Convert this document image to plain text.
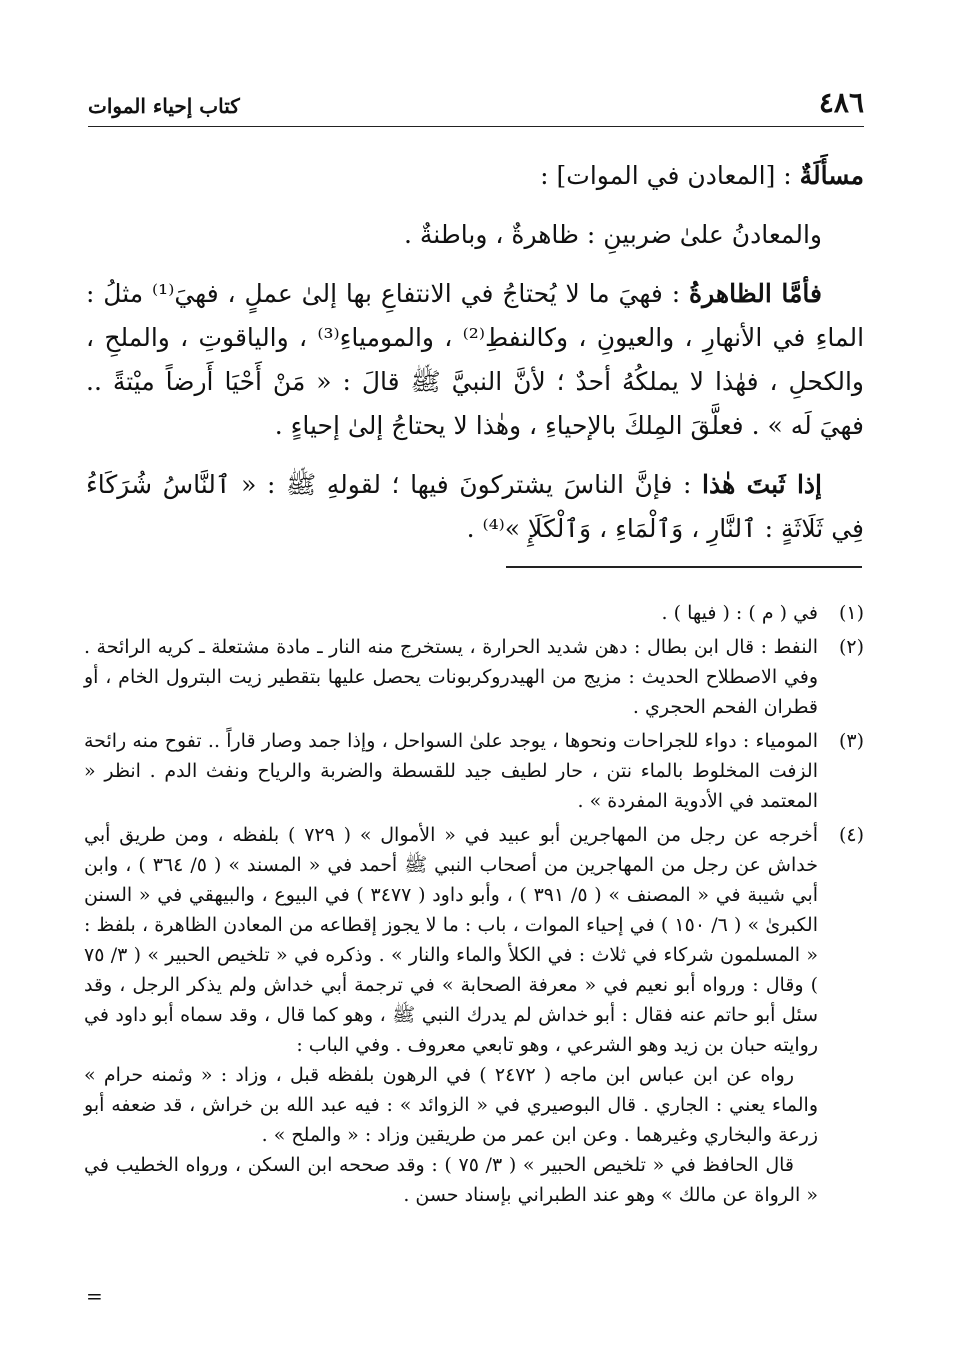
٤٨٦
كتاب إحياء الموات

مسأَلَةٌ : [المعادن في الموات] :

والمعادنُ علىٰ ضربينِ : ظاهرةٌ ، وباطنةٌ .

فأمَّا الظاهرةُ : فهيَ ما لا يُحتاجُ في الانتفاعِ بها إلىٰ عملٍ ، فهيَ⁽¹⁾ مثلُ : الماءِ في الأنهارِ ، والعيونِ ، وكالنفطِ⁽²⁾ ، والمومياءِ⁽³⁾ ، والياقوتِ ، والملحِ ، والكحلِ ، فهٰذا لا يملكُهُ أحدٌ ؛ لأنَّ النبيَّ ﷺ قالَ : « مَنْ أَحْيَا أَرضاً ميْتةً .. فهيَ لَه » . فعلَّقَ المِلكَ بالإحياءِ ، وهٰذا لا يحتاجُ إلىٰ إحياءٍ .

إذا ثَبتَ هٰذا : فإنَّ الناسَ يشتركونَ فيها ؛ لقولهِ ﷺ : « ٱلنَّاسُ شُرَكَاءُ فِي ثَلَاثَةٍ : ٱلنَّارِ ، وَٱلْمَاءِ ، وَٱلْكَلَإِ »⁽⁴⁾ .

(١)

في ( م ) : ( فيها ) .

(٢)

النفط : قال ابن بطال : دهن شديد الحرارة ، يستخرج منه النار ـ مادة مشتعلة ـ كريه الرائحة . وفي الاصطلاح الحديث : مزيج من الهيدروكربونات يحصل عليها بتقطير زيت البترول الخام ، أو قطران الفحم الحجري .

(٣)

المومياء : دواء للجراحات ونحوها ، يوجد علىٰ السواحل ، وإذا جمد وصار قاراً .. تفوح منه رائحة الزفت المخلوط بالماء نتن ، حار لطيف جيد للقسطة والضربة والرياح ونفث الدم . انظر « المعتمد في الأدوية المفردة » .

(٤)

أخرجه عن رجل من المهاجرين أبو عبيد في « الأموال » ( ٧٢٩ ) بلفظه ، ومن طريق أبي خداش عن رجل من المهاجرين من أصحاب النبي ﷺ أحمد في « المسند » ( ٥/ ٣٦٤ ) ، وابن أبي شيبة في « المصنف » ( ٥/ ٣٩١ ) ، وأبو داود ( ٣٤٧٧ ) في البيوع ، والبيهقي في « السنن الكبرىٰ » ( ٦/ ١٥٠ ) في إحياء الموات ، باب : ما لا يجوز إقطاعه من المعادن الظاهرة ، بلفظ : « المسلمون شركاء في ثلاث : في الكلأ والماء والنار » . وذكره في « تلخيص الحبير » ( ٣/ ٧٥ ) وقال : ورواه أبو نعيم في « معرفة الصحابة » في ترجمة أبي خداش ولم يذكر الرجل ، وقد سئل أبو حاتم عنه فقال : أبو خداش لم يدرك النبي ﷺ ، وهو كما قال ، وقد سماه أبو داود في روايته حبان بن زيد وهو الشرعي ، وهو تابعي معروف . وفي الباب :

رواه عن ابن عباس ابن ماجه ( ٢٤٧٢ ) في الرهون بلفظه قبل ، وزاد : « وثمنه حرام » والماء يعني : الجاري . قال البوصيري في « الزوائد » : فيه عبد الله بن خراش ، قد ضعفه أبو زرعة والبخاري وغيرهما . وعن ابن عمر من طريقين وزاد : « والملح » .

قال الحافظ في « تلخيص الحبير » ( ٣/ ٧٥ ) : وقد صححه ابن السكن ، ورواه الخطيب في « الرواة عن مالك » وهو عند الطبراني بإسناد حسن .

=
